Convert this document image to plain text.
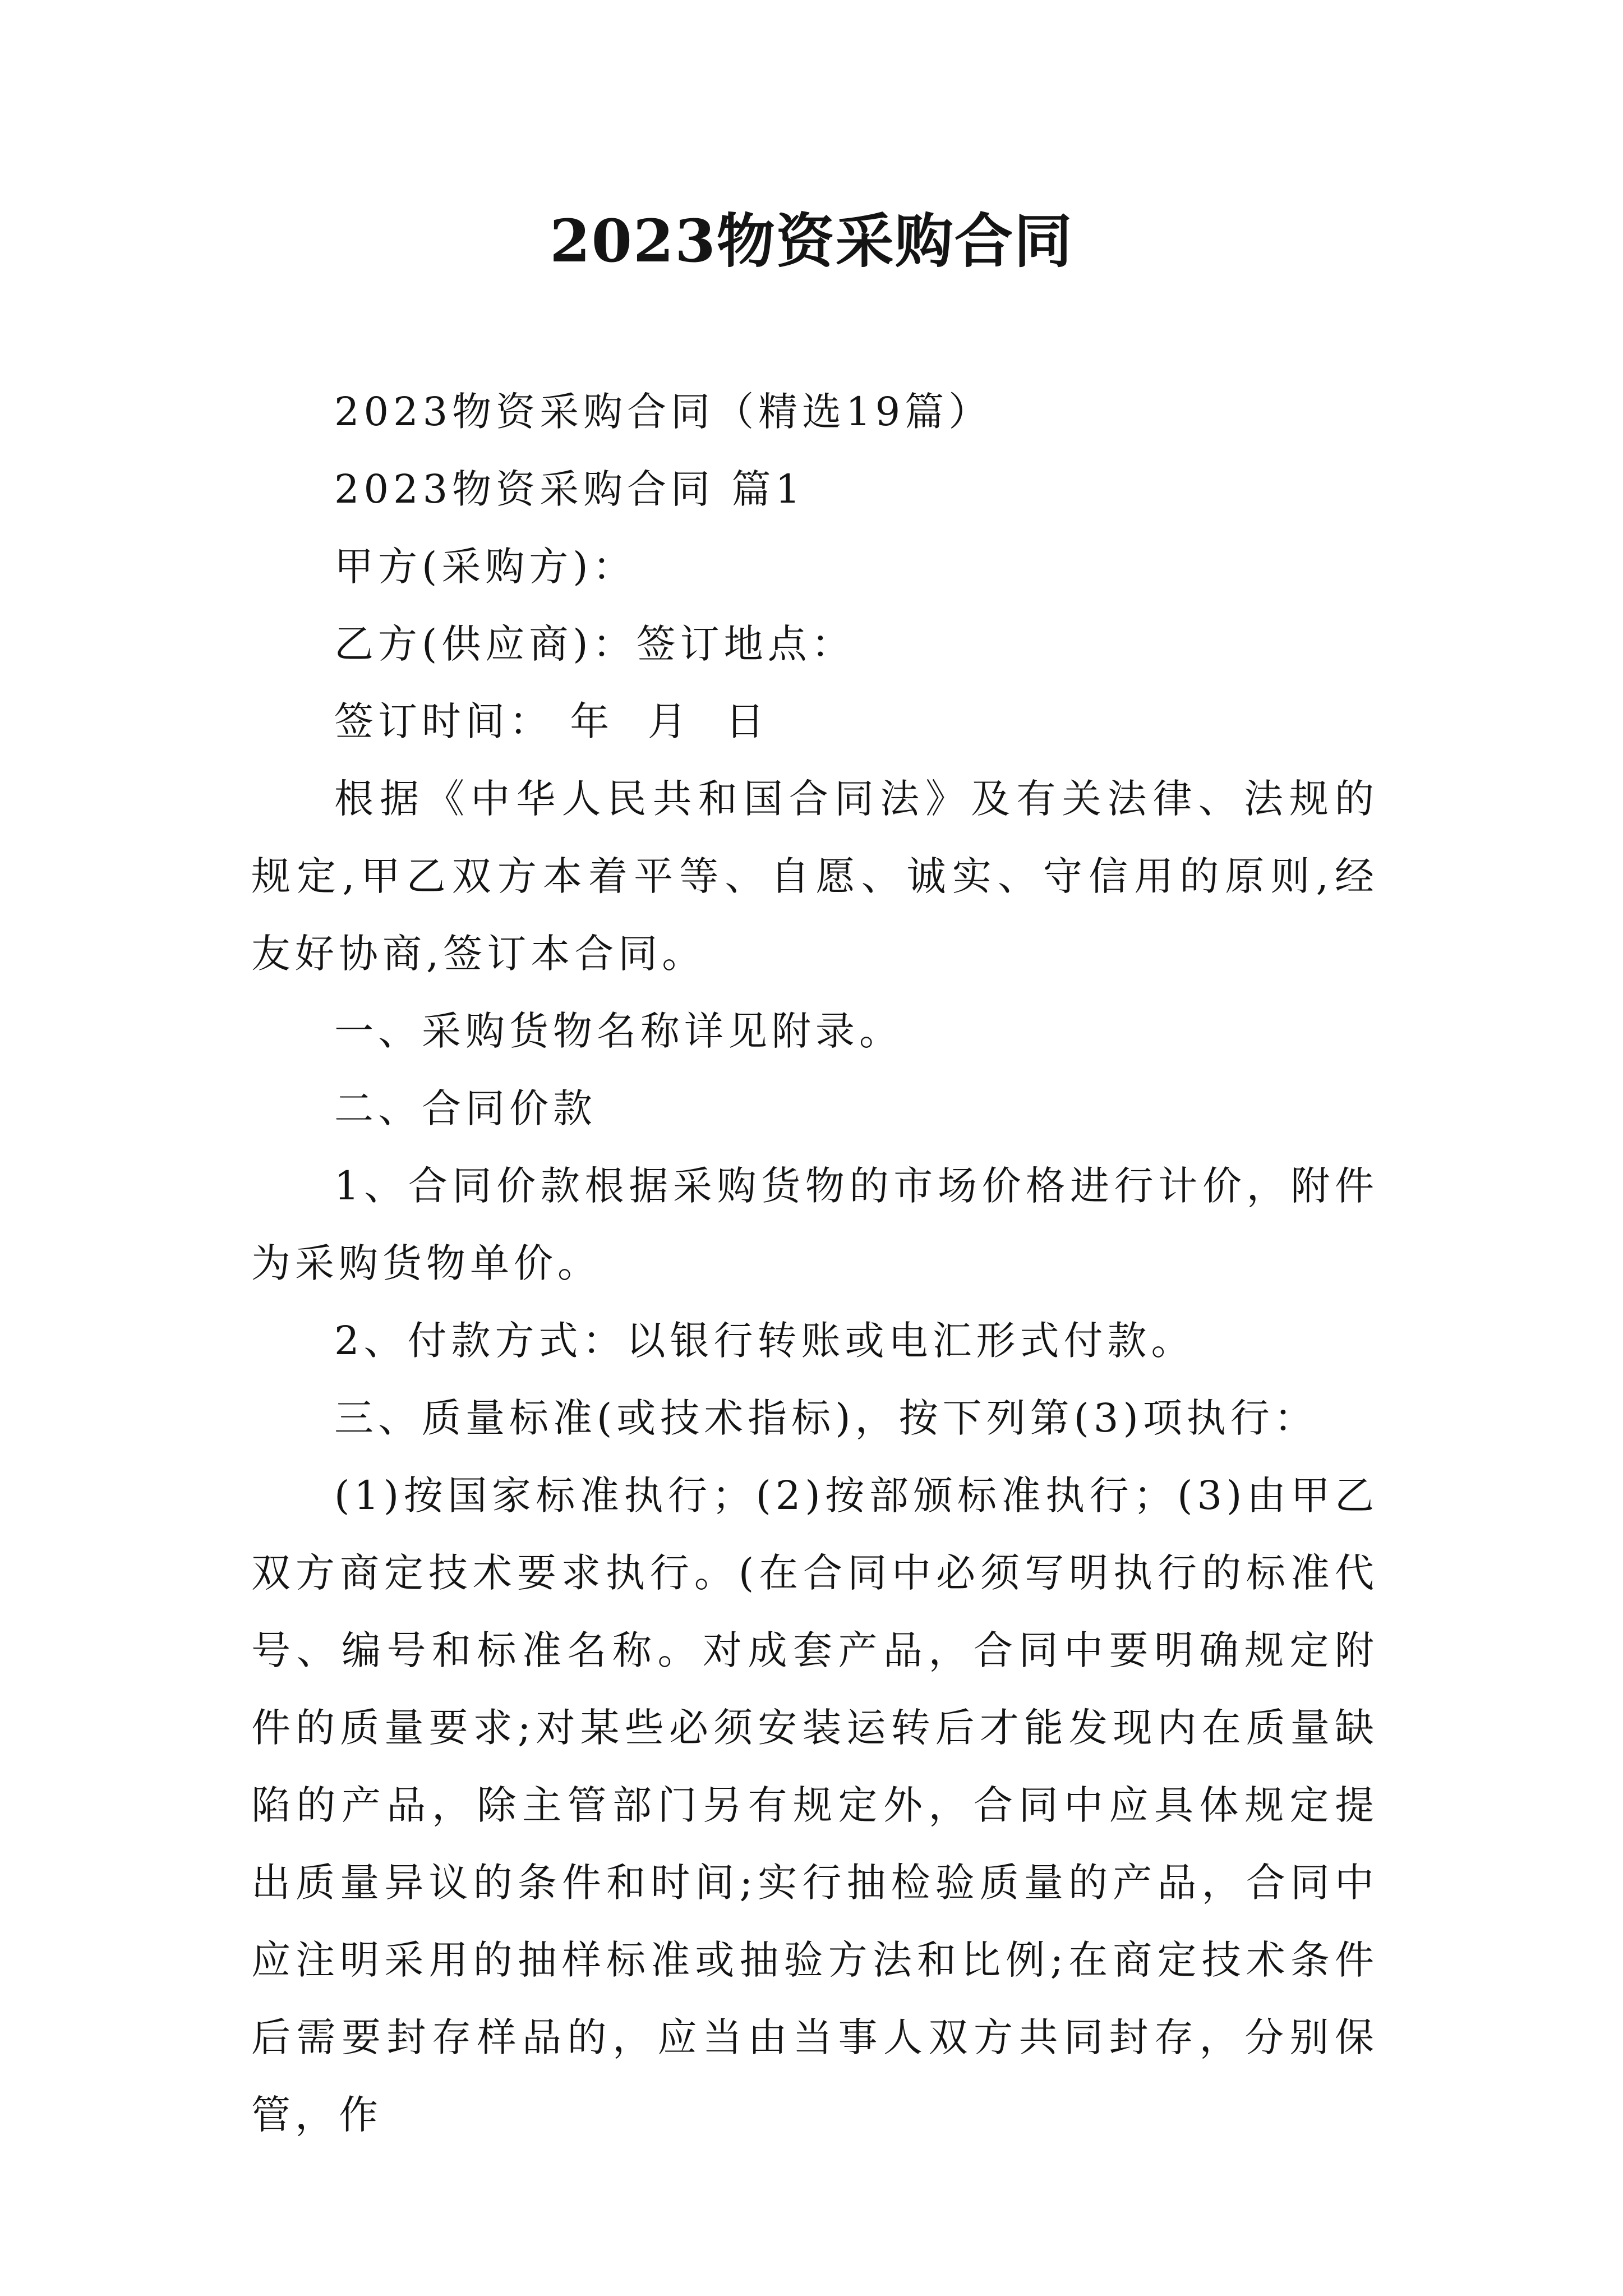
2023物资采购合同

2023物资采购合同（精选19篇）

2023物资采购合同 篇1

甲方(采购方)：

乙方(供应商)：签订地点：

签订时间： 年  月  日

根据《中华人民共和国合同法》及有关法律、法规的规定,甲乙双方本着平等、自愿、诚实、守信用的原则,经友好协商,签订本合同。

一、采购货物名称详见附录。

二、合同价款

1、合同价款根据采购货物的市场价格进行计价，附件为采购货物单价。

2、付款方式：以银行转账或电汇形式付款。

三、质量标准(或技术指标)，按下列第(3)项执行：

(1)按国家标准执行；(2)按部颁标准执行；(3)由甲乙双方商定技术要求执行。(在合同中必须写明执行的标准代号、编号和标准名称。对成套产品，合同中要明确规定附件的质量要求;对某些必须安装运转后才能发现内在质量缺陷的产品，除主管部门另有规定外，合同中应具体规定提出质量异议的条件和时间;实行抽检验质量的产品，合同中应注明采用的抽样标准或抽验方法和比例;在商定技术条件后需要封存样品的，应当由当事人双方共同封存，分别保管，作
